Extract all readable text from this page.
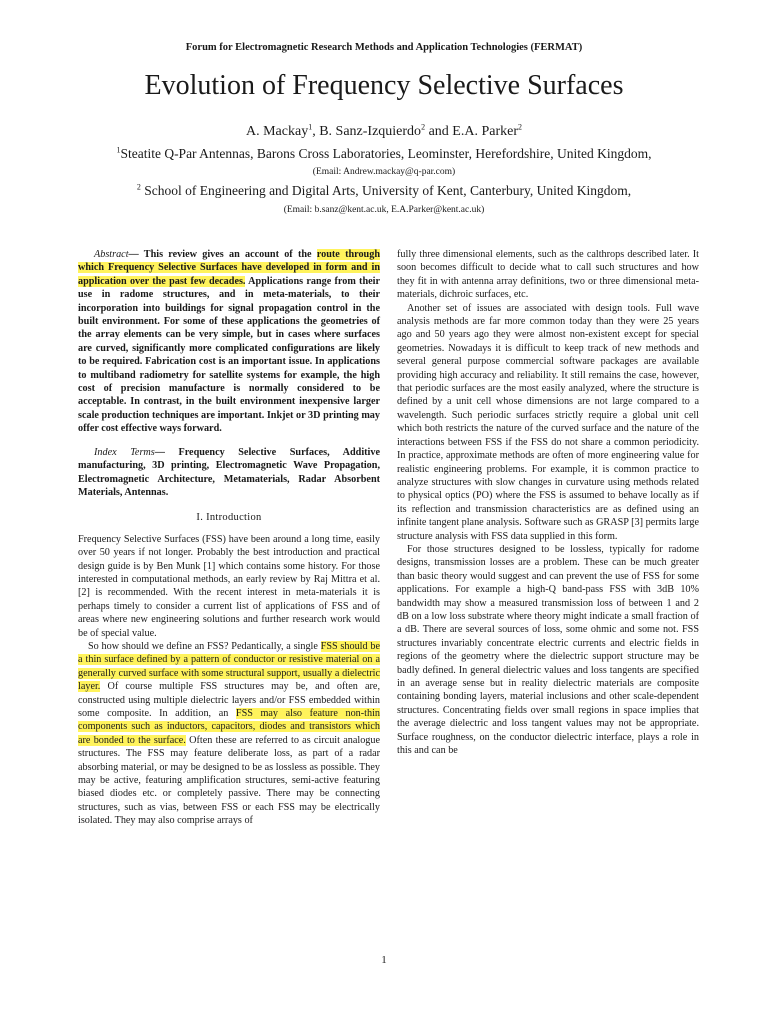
Forum for Electromagnetic Research Methods and Application Technologies (FERMAT)
Evolution of Frequency Selective Surfaces
A. Mackay$^1$, B. Sanz-Izquierdo$^2$ and E.A. Parker$^2$
$^1$Steatite Q-Par Antennas, Barons Cross Laboratories, Leominster, Herefordshire, United Kingdom,
(Email: Andrew.mackay@q-par.com)
$^2$ School of Engineering and Digital Arts, University of Kent, Canterbury, United Kingdom,
(Email: b.sanz@kent.ac.uk, E.A.Parker@kent.ac.uk)

Abstract— This review gives an account of the route through which Frequency Selective Surfaces have developed in form and in application over the past few decades. Applications range from their use in radome structures, and in meta-materials, to their incorporation into buildings for signal propagation control in the built environment. For some of these applications the geometries of the array elements can be very simple, but in cases where surfaces are curved, significantly more complicated configurations are likely to be required. Fabrication cost is an important issue. In applications to multiband radiometry for satellite systems for example, the high cost of precision manufacture is normally considered to be acceptable. In contrast, in the built environment inexpensive larger scale production techniques are important. Inkjet or 3D printing may offer cost effective ways forward.

Index Terms— Frequency Selective Surfaces, Additive manufacturing, 3D printing, Electromagnetic Wave Propagation, Electromagnetic Architecture, Metamaterials, Radar Absorbent Materials, Antennas.

I. Introduction

Frequency Selective Surfaces (FSS) have been around a long time, easily over 50 years if not longer. Probably the best introduction and practical design guide is by Ben Munk [1] which contains some history. For those interested in computational methods, an early review by Raj Mittra et al. [2] is recommended. With the recent interest in meta-materials it is perhaps timely to consider a current list of applications of FSS and of areas where new engineering solutions and further research work would be of special value.

So how should we define an FSS? Pedantically, a single FSS should be a thin surface defined by a pattern of conductor or resistive material on a generally curved surface with some structural support, usually a dielectric layer. Of course multiple FSS structures may be, and often are, constructed using multiple dielectric layers and/or FSS embedded within some composite. In addition, an FSS may also feature non-thin components such as inductors, capacitors, diodes and transistors which are bonded to the surface. Often these are referred to as circuit analogue structures. The FSS may feature deliberate loss, as part of a radar absorbing material, or may be designed to be as lossless as possible. They may be active, featuring amplification structures, semi-active featuring biased diodes etc. or completely passive. There may be connecting structures, such as vias, between FSS or each FSS may be electrically isolated. They may also comprise arrays of

fully three dimensional elements, such as the calthrops described later. It soon becomes difficult to decide what to call such structures and how they fit in with antenna array definitions, two or three dimensional meta-materials, dichroic surfaces, etc.

Another set of issues are associated with design tools. Full wave analysis methods are far more common today than they were 25 years ago and 50 years ago they were almost non-existent except for special geometries. Nowadays it is difficult to keep track of new methods and several general purpose commercial software packages are available providing high accuracy and reliability. It still remains the case, however, that periodic surfaces are the most easily analyzed, where the structure is defined by a unit cell whose dimensions are not large compared to a wavelength. Such periodic surfaces strictly require a global unit cell which both restricts the nature of the curved surface and the nature of the interactions between FSS if the FSS do not share a common periodicity. In practice, approximate methods are often of more engineering value for realistic engineering problems. For example, it is common practice to analyze structures with slow changes in curvature using methods related to physical optics (PO) where the FSS is assumed to behave locally as if its reflection and transmission characteristics are as defined using an infinite tangent plane analysis. Software such as GRASP [3] permits large structure analysis with FSS data supplied in this form.

For those structures designed to be lossless, typically for radome designs, transmission losses are a problem. These can be much greater than basic theory would suggest and can prevent the use of FSS for some applications. For example a high-Q band-pass FSS with 3dB 10% bandwidth may show a measured transmission loss of between 1 and 2 dB on a low loss substrate where theory might indicate a small fraction of a dB. There are several sources of loss, some ohmic and some not. FSS structures invariably concentrate electric currents and electric fields in regions of the geometry where the dielectric support structure may be badly defined. In general dielectric values and loss tangents are specified in an average sense but in reality dielectric materials are composite containing bonding layers, material inclusions and other scale-dependent structures. Concentrating fields over small regions in space implies that the average dielectric and loss tangent values may not be appropriate. Surface roughness, on the conductor dielectric interface, plays a role in this and can be

1
